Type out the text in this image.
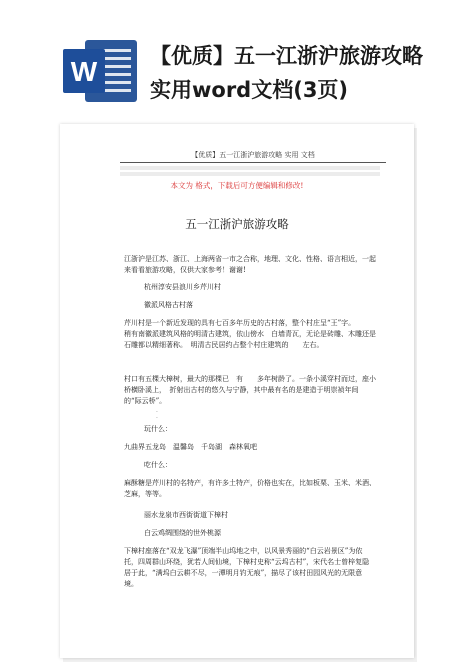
W	【优质】五一江浙沪旅游攻略
实用word文档(3页)
【优质】五一江浙沪旅游攻略 实用 文档
本文为 格式，下载后可方便编辑和修改!
五一江浙沪旅游攻略
江浙沪是江苏、浙江、上海两省一市之合称，地理、文化、性格、语言相近，一起来看看旅游攻略，仅供大家参考！谢谢!
杭州淳安县浪川乡芹川村
徽派风格古村落
芹川村是一个新近发现的具有七百多年历史的古村落，整个村庄呈“王”字。　　　　稍有南徽派建筑风格的明清古建筑，依山傍水　白墙青瓦，无论是砖雕、木雕还是石雕都以精细著称。　明清古民居约占整个村庄建筑的　　左右。
村口有五棵大樟树，最大的那棵已　有　　多年树龄了。一条小溪穿村而过，座小桥横卧溪上，　折射出古村的悠久与宁静，其中最有名的是建造于明崇祯年间的“际云桥”。
·
·
玩什么：
九曲界五龙岛　温馨岛　千岛湖　森林氧吧
吃什么：
麻酥糖是芹川村的名特产，有许多土特产，价格也实在，比如板栗、玉米、米酒、芝麻，等等。
丽水龙泉市西街街道下樟村
白云鸡绸围绕的世外桃源
下樟村座落在“双龙飞瀑”顶端半山坞地之中，以风景秀丽的“白云岩景区”为依托，四周群山环绕，犹若人间仙境，下樟村史称“云坞古村”，宋代名士曾梓复隐居于此，“满坞白云耕不尽，一潭明月钓无痕”，描尽了该村田园风光的无限意境。
